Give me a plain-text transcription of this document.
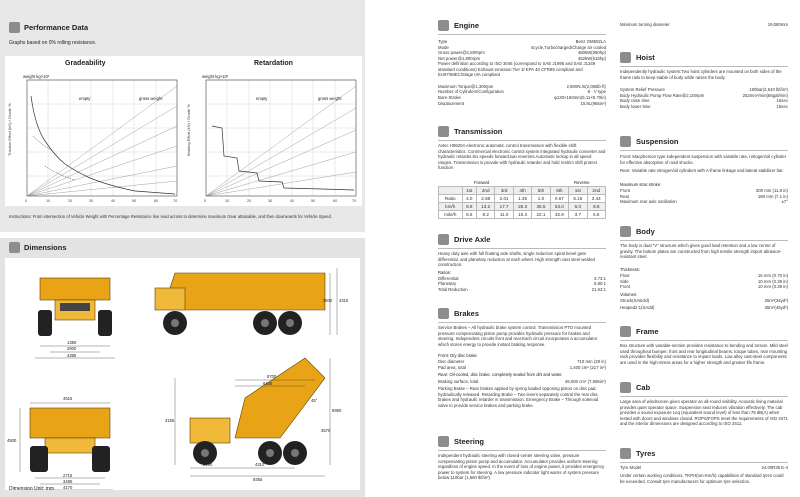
Performance Data
Graphs based on 0% rolling resistance.
Gradeability
weight kg×10³
empty	gross weight
Traction Effort (kN) / Grade %
0	10	20	30	40	50	60	70
Retardation
weight kg×10³
empty	gross weight
Braking Effort (kN) / Grade %
0	10	20	30	40	50	60	70
Instructions: From intersection of Vehicle Weight with Percentage Resistance line read across to determine maximum Gear attainable, and then downwards for Vehicle Speed.
Dimensions
1380
2900
4385
3940 4315
4615
4500
2715
3485
4170
8700
8405
45°
8950
3570
2290	4310
9355
4155
Dimension Unit: mm
Engine
Type	Benz OM502LA
Mode	4cycle,Turbocharged/Charge air cooled
Gross power@1,800rpm	480kW(650hp)
Net power@1,800rpm	452kW(615hp)
Power definition according to ISO 3046 (correspond to SAE J1995 and SAE J1349 standard conditions) Exhaust emission Tier 3/ EPA 40 CFR89 compliant and EU97/68EC/Stage IIIA compliant
Maximum Torque@1,300rpm	2,800N.m(2,065lb·ft)
Number of Cylinders/Configuration	8 · V type
Bore·Stroke	φ130×150mm(5.11×5.70in)
Displacement	15.9L(965in³)
Transmission
Avtec H8620A electronic automatic control transmission with flexible shift characteristics. Commercial electronic control system integrated hydraulic converter and hydraulic retarder.Six speeds forward,two reverses.Automatic lockup in all speed ranges. Transmission is provide with hydraulic retarder and hold restrict shift protect function
Forward	Reverse
	1st	2nd	3rd	4th	5th	6th	1st	2nd
Ratio	4.0	2.68	2.01	1.35	1.0	0.67	5.15	3.44
km/h	8.9	13.2	17.7	26.3	35.5	53.0	6.0	8.9
mile/h	5.5	8.2	11.0	16.3	22.1	32.9	3.7	5.5
Drive Axle
Heavy duty axle with full floating axle shafts, single reduction spiral bevel gear differential, and planetary reduction at each wheel. High strength cast steel welded construction.
Ratios:
Differential	3.73:1
Planetary	5.80:1
Total Reduction	21.63:1
Brakes
Service Brakes – All hydraulic brake system control. Transmission PTO mounted pressure compensating piston pump provides hydraulic pressure for brakes and steering. Independent circuits front and rear.Each circuit incorporates a accumulator which stores energy to provide instant braking response.
Front: Dry disc brake
Disc diameter	710 mm (28 in)
Pad area, total	1,400 cm² (217 in²)
Rear: Oil-cooled, disc brake, completely sealed from dirt and water.
Braking surface, total	49,000 cm² (7,595in²)
Parking Brake – Rear brakes applied by spring loaded opposing piston on disc pad, hydraulically released. Retarding Brake – Two levers separately control the rear disc brakes and hydraulic retarder in transmission. Emergency Brake – Through solenoid valve to provide service brakes and parking brake.
Steering
Independent hydraulic steering with closed-center steering valve, pressure compensating piston pump and accumulator. Accumulator provides uniform steering regardless of engine speed. In the event of loss of engine power, it provides emergency power to system for steering. A low pressure indicator light warns of system pressure below 110bar (1,660 lbf/in²).
Minimum turning diameter	19,080mm
Hoist
Independently hydraulic system:Two hoist cylinders are mounted on both sides of the frame rails to keep stable of body while raises the body.
System Relief Pressure	190bar(2,610 lbf/in²)
Body Hydraulic Pump Flow Rate@2,100rpm	252mm³/min(66gal/min)
Body raise time	16sec
Body lower time	15sec
Suspension
Front: Macpherson type independent suspension with variable rate, nitrogen/oil cylinder for effective absorption of road shocks.
Rear: Variable rate nitrogen/oil cylinders with A-frame linkage and lateral stabilizer bar.
Maximum strut stroke:
Front	300 mm (11.8 in)
Rear	180 mm (7.1 in)
Maximum rear axle oscillation	±7°
Body
The body is dual "V" structure which gives good load retention and a low centre of gravity. The bottom plates are constructed from high tensile strength import abrasion-resistant steel.
Thickness:
Floor	16 mm (0.70 in)
Side	10 mm (0.39 in)
Front	10 mm (0.39 in)
Volumes:
Struck(SAEdxl)	26m³(34yd³)
Heaped2:1(SAdd)	35m³(46yd³)
Frame
Box structure with variable-section provides resistance to bending and torsion. Mild steel used throughout bumper, front and rear longitudinal beams, torque tubes, rear mounting rack provides flexibility and resistance to impact loads. Low alloy cast-steel components are used in the high-stress areas for a higher strength and greater life frame.
Cab
Large area of windscreen gives operator an all-round visibility. Acoustic lining material provides quiet operator space. Suspension seat reduces vibration effectively. The cab provides a sound exposure Leq (equivalent sound level) of less than 78 dB(A) when tested with doors and windows closed. ROPS/FOPS meet the requirements of ISO 3471 and the interior dimensions are designed according to ISO 3411.
Tyres
Tyre Model	24.00R35 E-4
Under certain working conditions, TKPH(ton-Km/h) capabilities of standard tyres could be exceeded. Consult tyre manufacturers for optimum tyre selection.
